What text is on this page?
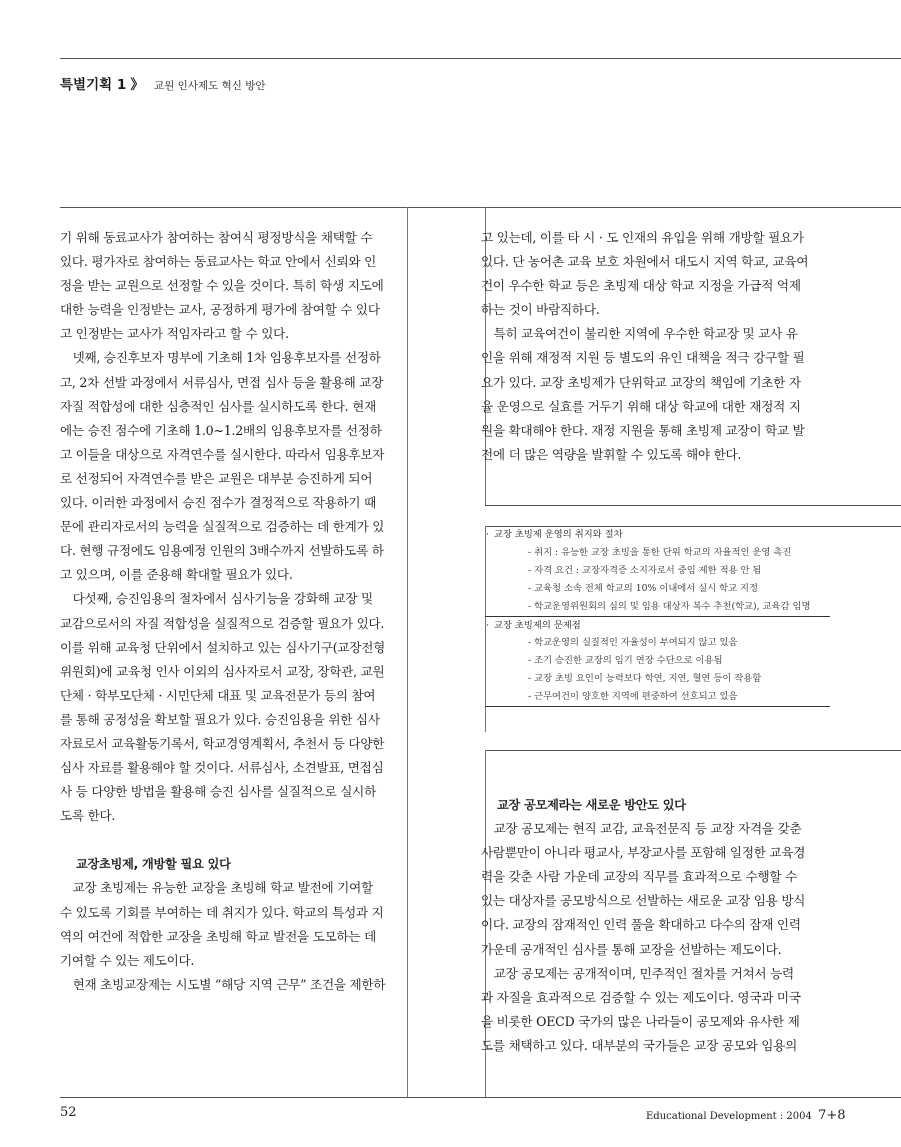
특별기획 1 》 교원 인사제도 혁신 방안

기 위해 동료교사가 참여하는 참여식 평정방식을 채택할 수

있다. 평가자로 참여하는 동료교사는 학교 안에서 신뢰와 인

정을 받는 교원으로 선정할 수 있을 것이다. 특히 학생 지도에

대한 능력을 인정받는 교사, 공정하게 평가에 참여할 수 있다

고 인정받는 교사가 적임자라고 할 수 있다.

넷째, 승진후보자 명부에 기초해 1차 임용후보자를 선정하

고, 2차 선발 과정에서 서류심사, 면접 심사 등을 활용해 교장

자질 적합성에 대한 심층적인 심사를 실시하도록 한다. 현재

에는 승진 점수에 기초해 1.0~1.2배의 임용후보자를 선정하

고 이들을 대상으로 자격연수를 실시한다. 따라서 임용후보자

로 선정되어 자격연수를 받은 교원은 대부분 승진하게 되어

있다. 이러한 과정에서 승진 점수가 결정적으로 작용하기 때

문에 관리자로서의 능력을 실질적으로 검증하는 데 한계가 있

다. 현행 규정에도 임용예정 인원의 3배수까지 선발하도록 하

고 있으며, 이를 준용해 확대할 필요가 있다.

다섯째, 승진임용의 절차에서 심사기능을 강화해 교장 및

교감으로서의 자질 적합성을 실질적으로 검증할 필요가 있다.

이를 위해 교육청 단위에서 설치하고 있는 심사기구(교장전형

위원회)에 교육청 인사 이외의 심사자로서 교장, 장학관, 교원

단체 · 학부모단체 · 시민단체 대표 및 교육전문가 등의 참여

를 통해 공정성을 확보할 필요가 있다. 승진임용을 위한 심사

자료로서 교육활동기록서, 학교경영계획서, 추천서 등 다양한

심사 자료를 활용해야 할 것이다. 서류심사, 소견발표, 면접심

사 등 다양한 방법을 활용해 승진 심사를 실질적으로 실시하

도록 한다.

교장초빙제, 개방할 필요 있다

교장 초빙제는 유능한 교장을 초빙해 학교 발전에 기여할

수 있도록 기회를 부여하는 데 취지가 있다. 학교의 특성과 지

역의 여건에 적합한 교장을 초빙해 학교 발전을 도모하는 데

기여할 수 있는 제도이다.

현재 초빙교장제는 시도별 “해당 지역 근무” 조건을 제한하

고 있는데, 이를 타 시 · 도 인재의 유입을 위해 개방할 필요가

있다. 단 농어촌 교육 보호 차원에서 대도시 지역 학교, 교육여

건이 우수한 학교 등은 초빙제 대상 학교 지정을 가급적 억제

하는 것이 바람직하다.

특히 교육여건이 불리한 지역에 우수한 학교장 및 교사 유

인을 위해 재정적 지원 등 별도의 유인 대책을 적극 강구할 필

요가 있다. 교장 초빙제가 단위학교 교장의 책임에 기초한 자

율 운영으로 실효를 거두기 위해 대상 학교에 대한 재정적 지

원을 확대해야 한다. 재정 지원을 통해 초빙제 교장이 학교 발

전에 더 많은 역량을 발휘할 수 있도록 해야 한다.

· 교장 초빙제 운영의 취지와 절차

- 취지 : 유능한 교장 초빙을 통한 단위 학교의 자율적인 운영 촉진

- 자격 요건 : 교장자격증 소지자로서 중임 제한 적용 안 됨

- 교육청 소속 전체 학교의 10% 이내에서 실시 학교 지정

- 학교운영위원회의 심의 및 임용 대상자 복수 추천(학교), 교육감 임명

· 교장 초빙제의 문제점

- 학교운영의 실질적인 자율성이 부여되지 않고 있음

- 조기 승진한 교장의 임기 연장 수단으로 이용됨

- 교장 초빙 요인이 능력보다 학연, 지연, 혈연 등이 작용함

- 근무여건이 양호한 지역에 편중하여 선호되고 있음

교장 공모제라는 새로운 방안도 있다

교장 공모제는 현직 교감, 교육전문직 등 교장 자격을 갖춘

사람뿐만이 아니라 평교사, 부장교사를 포함해 일정한 교육경

력을 갖춘 사람 가운데 교장의 직무를 효과적으로 수행할 수

있는 대상자를 공모방식으로 선발하는 새로운 교장 임용 방식

이다. 교장의 잠재적인 인력 풀을 확대하고 다수의 잠재 인력

가운데 공개적인 심사를 통해 교장을 선발하는 제도이다.

교장 공모제는 공개적이며, 민주적인 절차를 거쳐서 능력

과 자질을 효과적으로 검증할 수 있는 제도이다. 영국과 미국

을 비롯한 OECD 국가의 많은 나라들이 공모제와 유사한 제

도를 채택하고 있다. 대부분의 국가들은 교장 공모와 임용의

52	Educational Development : 2004 7+8
